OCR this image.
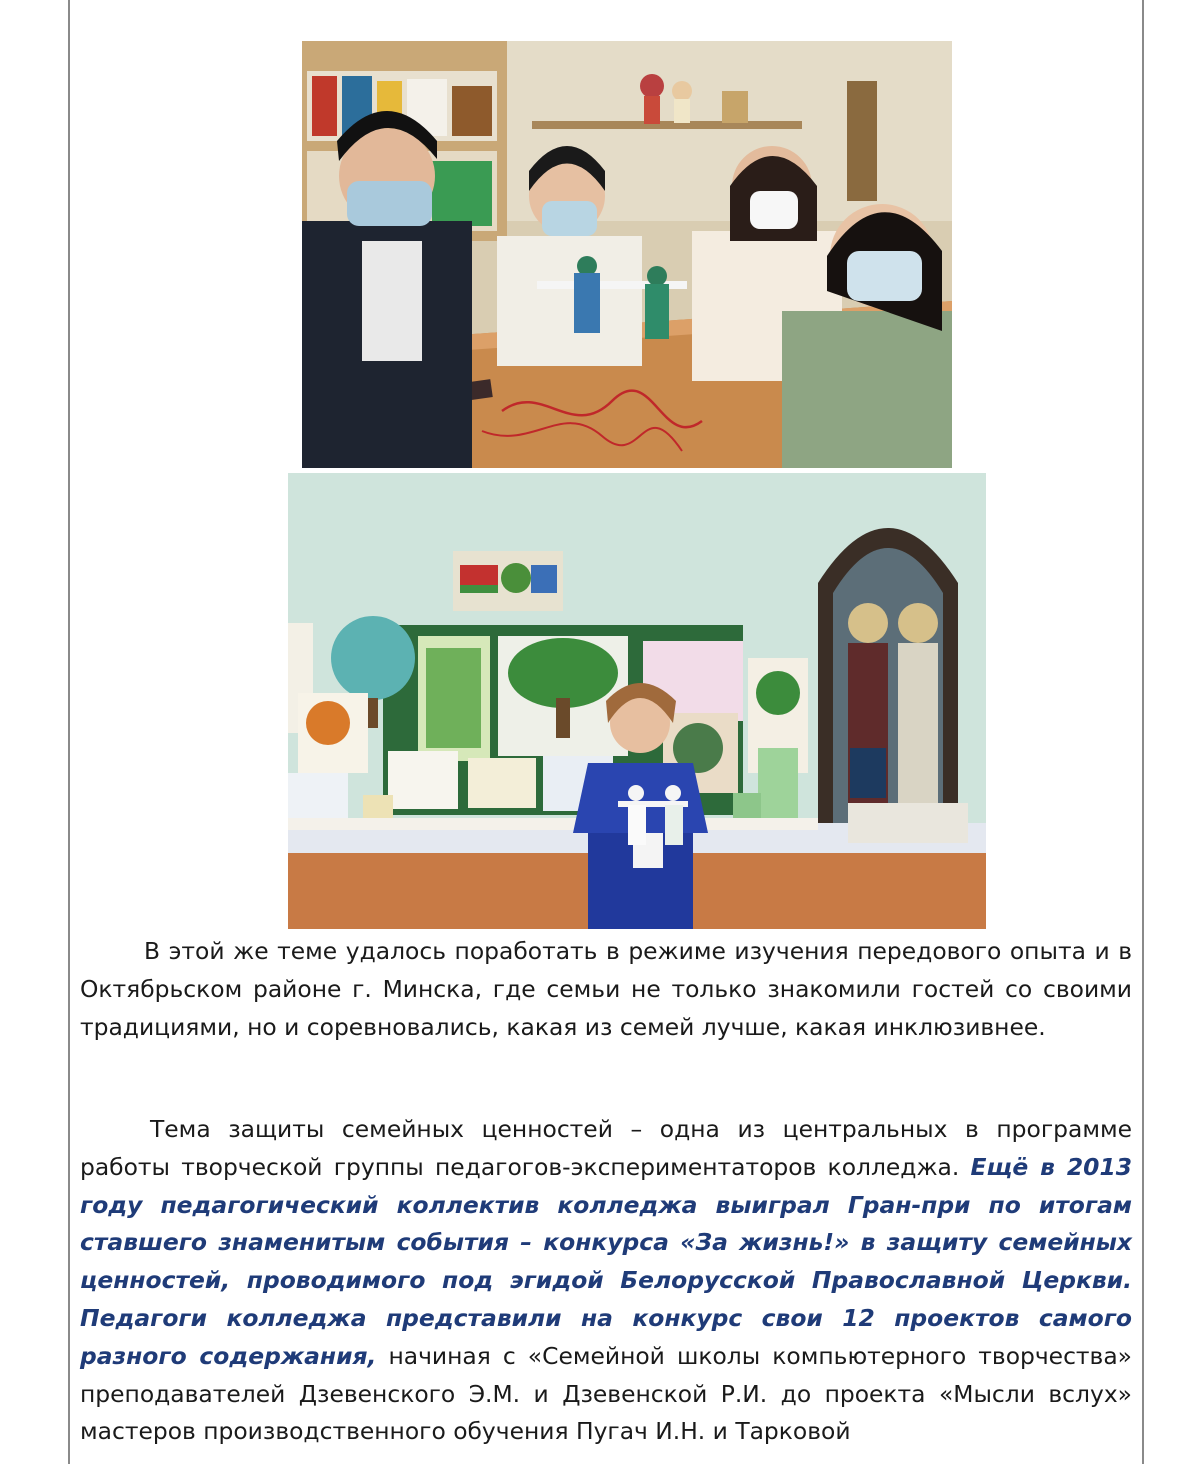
В этой же теме удалось поработать в режиме изучения передового опыта и в Октябрьском районе г. Минска, где семьи не только знакомили гостей со своими традициями, но и соревновались, какая из семей лучше, какая инклюзивнее.

Тема защиты семейных ценностей – одна из центральных в программе работы творческой группы педагогов-экспериментаторов колледжа. Ещё в 2013 году педагогический коллектив колледжа выиграл Гран-при по итогам ставшего знаменитым события – конкурса «За жизнь!» в защиту семейных ценностей, проводимого под эгидой Белорусской Православной Церкви. Педагоги колледжа представили на конкурс свои 12 проектов самого разного содержания, начиная с «Семейной школы компьютерного творчества» преподавателей Дзевенского Э.М. и Дзевенской Р.И. до проекта «Мысли вслух» мастеров производственного обучения Пугач И.Н. и Тарковой
